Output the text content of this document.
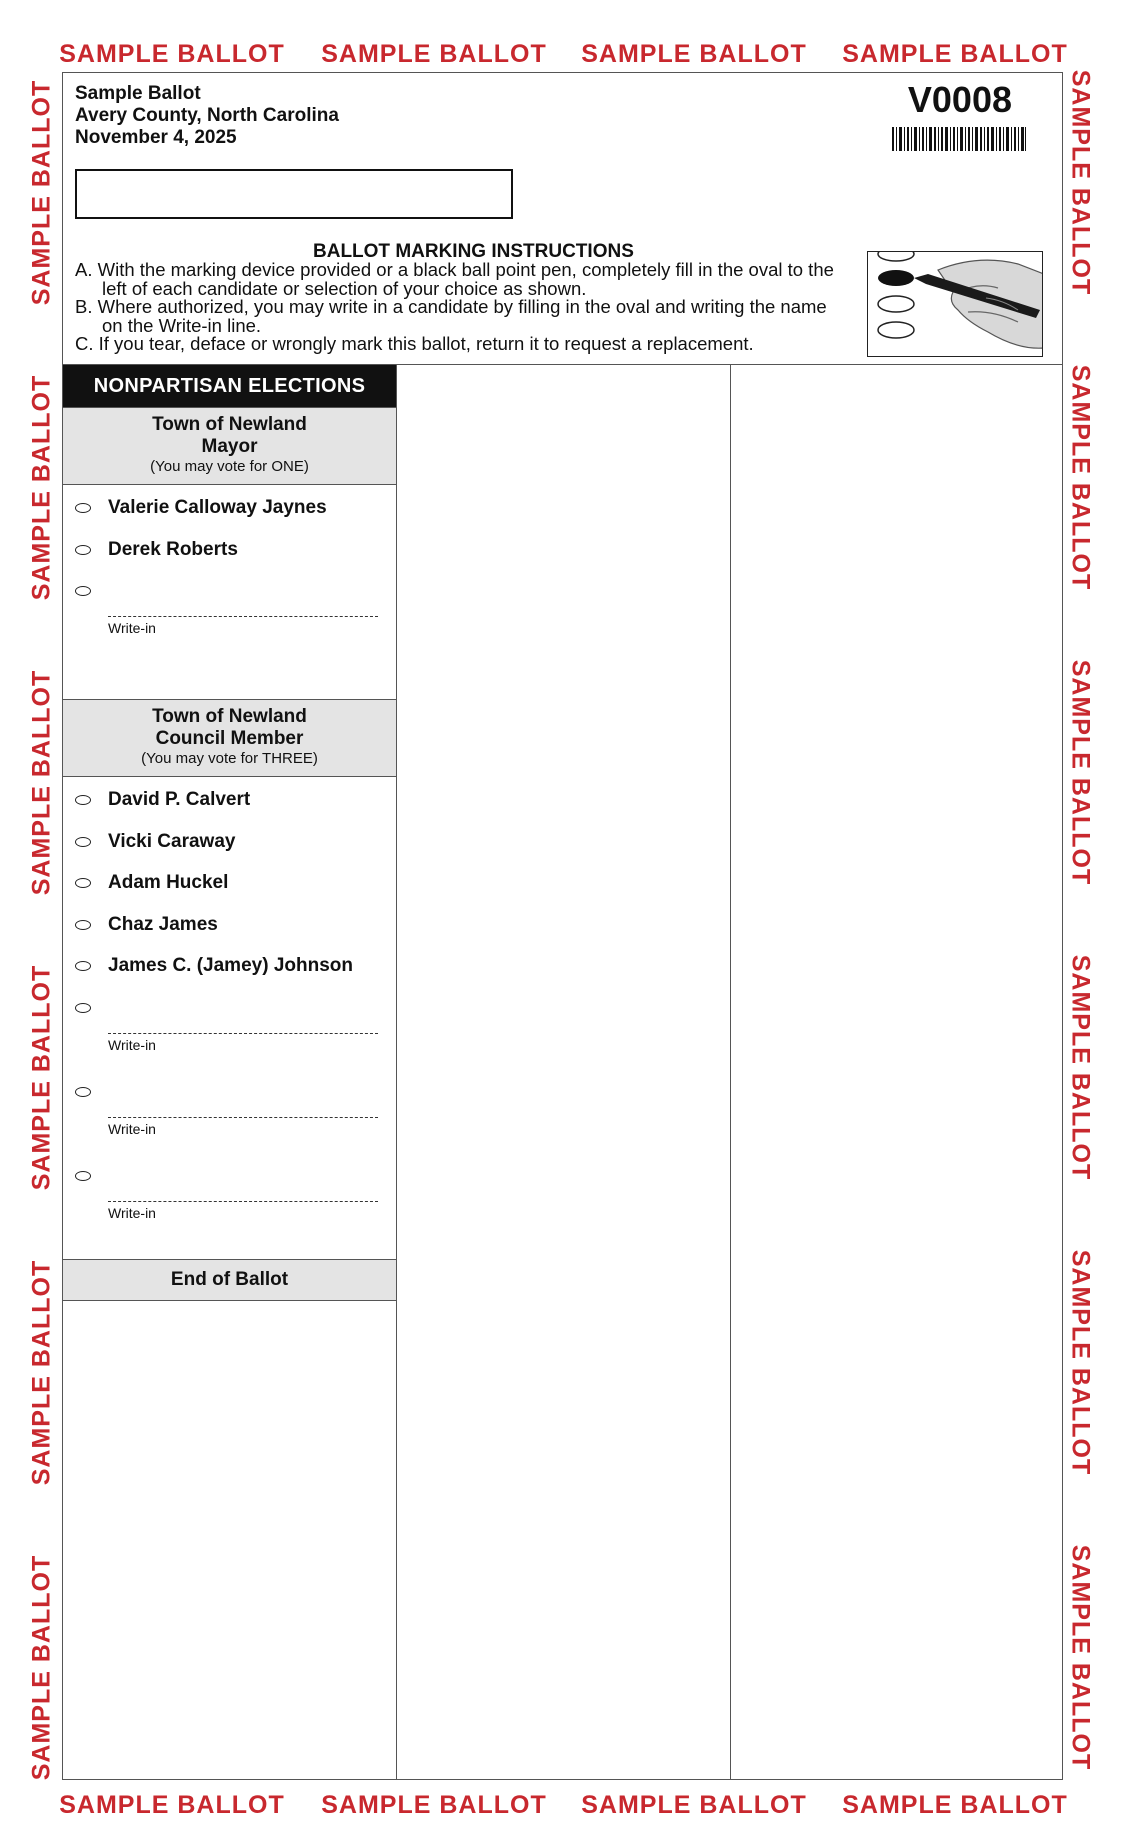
SAMPLE BALLOT	SAMPLE BALLOT	SAMPLE BALLOT	SAMPLE BALLOT
SAMPLE BALLOT	SAMPLE BALLOT	SAMPLE BALLOT	SAMPLE BALLOT
SAMPLE BALLOT
SAMPLE BALLOT
SAMPLE BALLOT
SAMPLE BALLOT
SAMPLE BALLOT
SAMPLE BALLOT
SAMPLE BALLOT
SAMPLE BALLOT
SAMPLE BALLOT
SAMPLE BALLOT
SAMPLE BALLOT
SAMPLE BALLOT
Sample Ballot
Avery County, North Carolina
November 4, 2025
V0008
BALLOT MARKING INSTRUCTIONS
A. With the marking device provided or a black ball point pen, completely fill in the oval to the
left of each candidate or selection of your choice as shown.
B. Where authorized, you may write in a candidate by filling in the oval and writing the name
on the Write-in line.
C. If you tear, deface or wrongly mark this ballot, return it to request a replacement.
NONPARTISAN ELECTIONS
Town of Newland
Mayor
(You may vote for ONE)
Valerie Calloway Jaynes
Derek Roberts
Write-in
Town of Newland
Council Member
(You may vote for THREE)
David P. Calvert
Vicki Caraway
Adam Huckel
Chaz James
James C. (Jamey) Johnson
Write-in
Write-in
Write-in
End of Ballot
